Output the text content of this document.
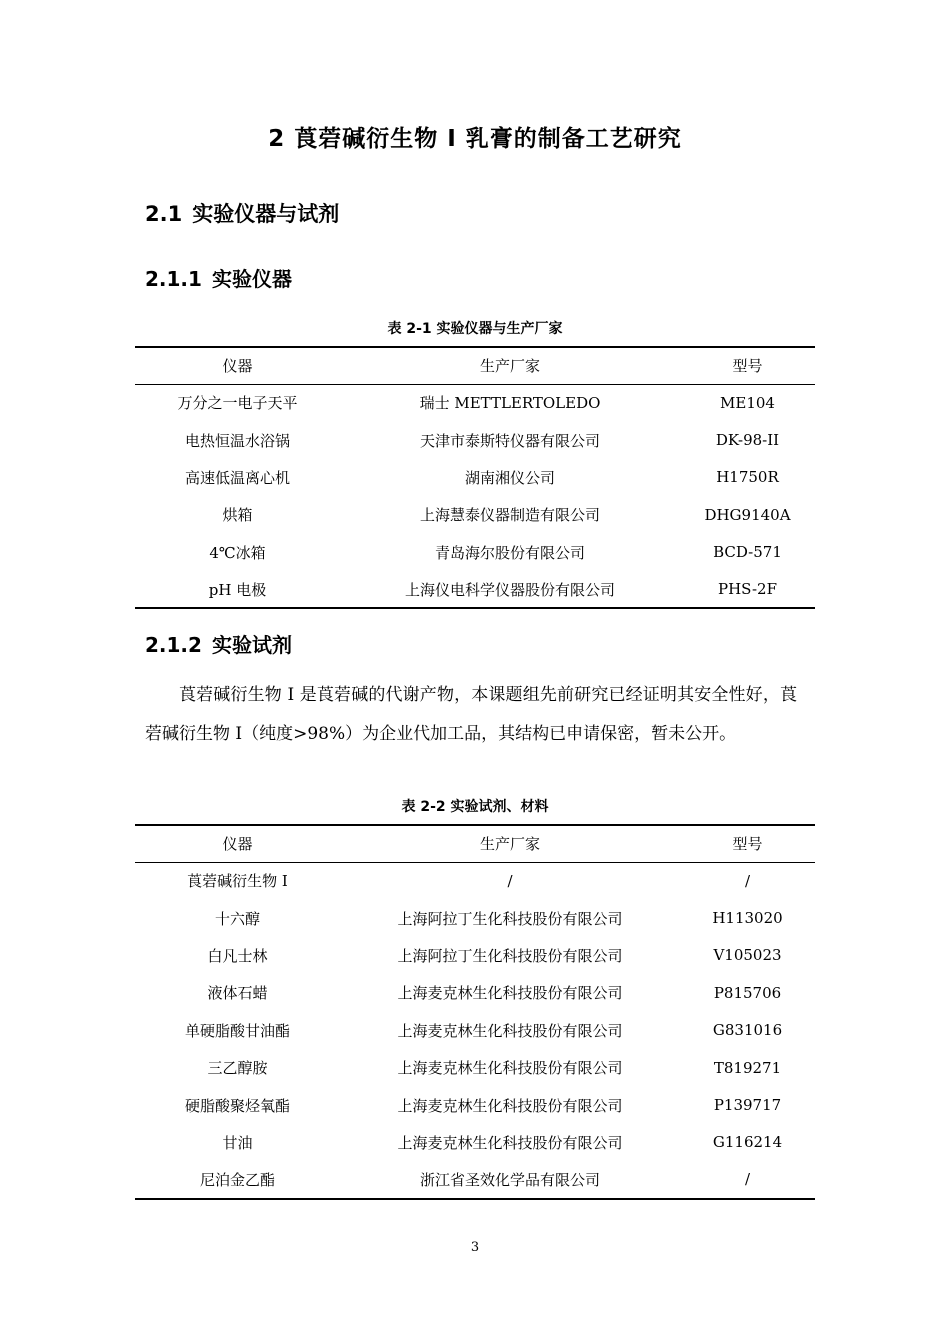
2 莨菪碱衍生物 I 乳膏的制备工艺研究
2.1 实验仪器与试剂
2.1.1 实验仪器
表 2-1 实验仪器与生产厂家
仪器	生产厂家	型号
万分之一电子天平	瑞士 METTLERTOLEDO	ME104
电热恒温水浴锅	天津市泰斯特仪器有限公司	DK-98-II
高速低温离心机	湖南湘仪公司	H1750R
烘箱	上海慧泰仪器制造有限公司	DHG9140A
4℃冰箱	青岛海尔股份有限公司	BCD-571
pH 电极	上海仪电科学仪器股份有限公司	PHS-2F
2.1.2 实验试剂
莨菪碱衍生物 I 是莨菪碱的代谢产物，本课题组先前研究已经证明其安全性好，莨菪碱衍生物 I（纯度>98%）为企业代加工品，其结构已申请保密，暂未公开。
表 2-2 实验试剂、材料
仪器	生产厂家	型号
莨菪碱衍生物 I	/	/
十六醇	上海阿拉丁生化科技股份有限公司	H113020
白凡士林	上海阿拉丁生化科技股份有限公司	V105023
液体石蜡	上海麦克林生化科技股份有限公司	P815706
单硬脂酸甘油酯	上海麦克林生化科技股份有限公司	G831016
三乙醇胺	上海麦克林生化科技股份有限公司	T819271
硬脂酸聚烃氧酯	上海麦克林生化科技股份有限公司	P139717
甘油	上海麦克林生化科技股份有限公司	G116214
尼泊金乙酯	浙江省圣效化学品有限公司	/
3
